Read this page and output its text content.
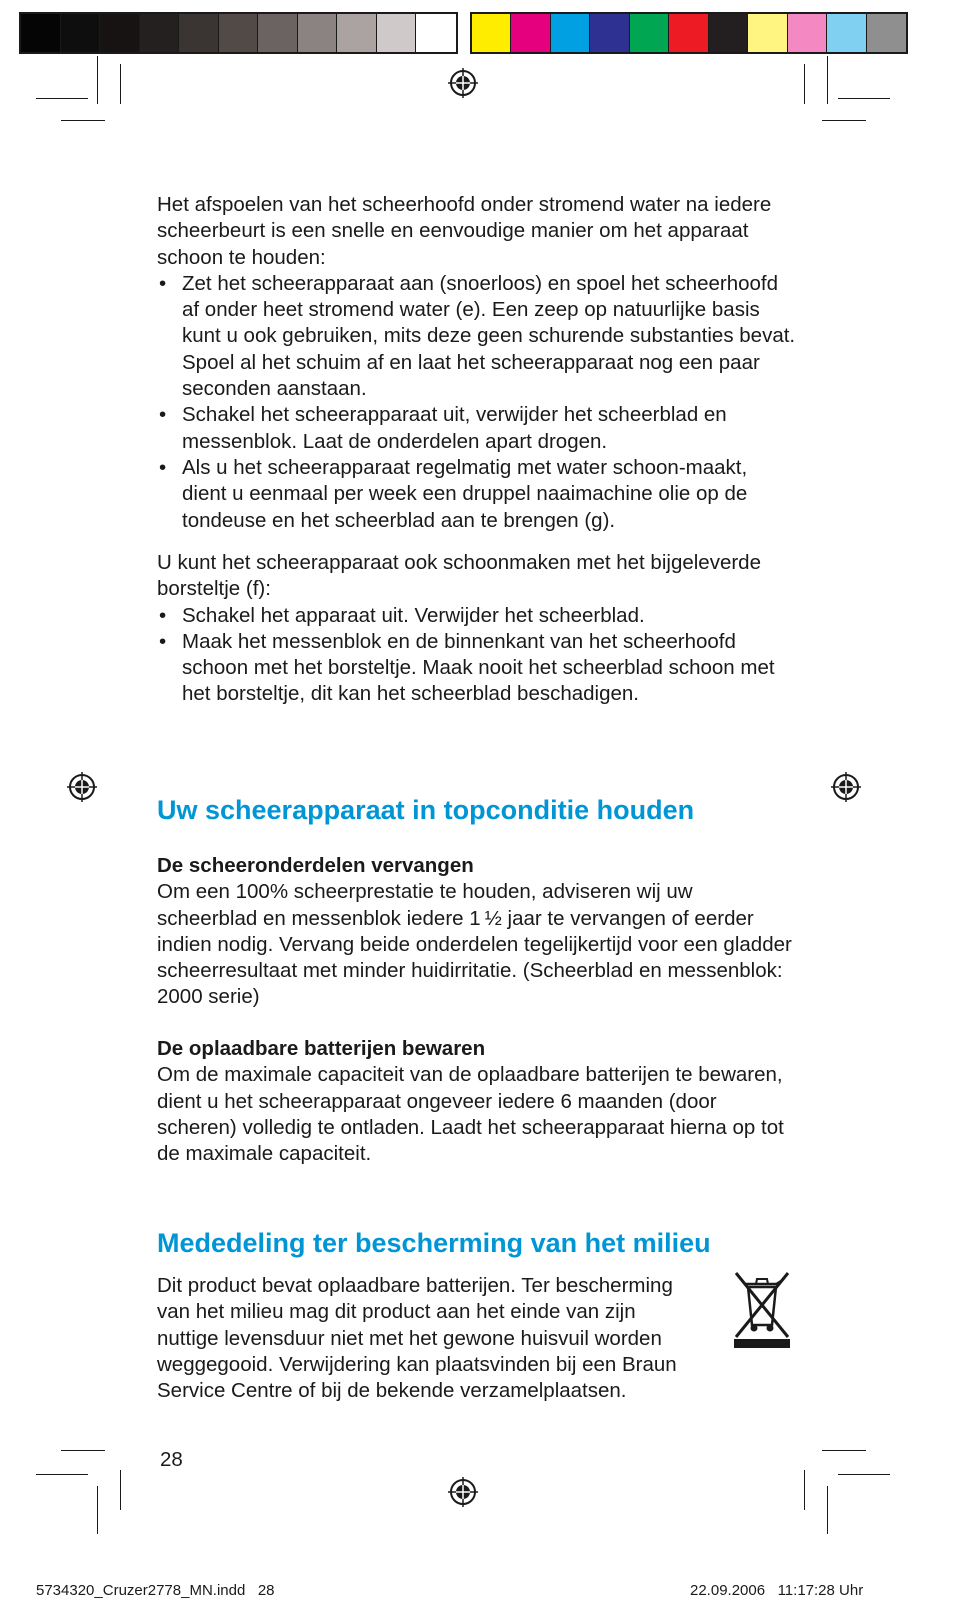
Het afspoelen van het scheerhoofd onder stromend water na iedere scheerbeurt is een snelle en eenvoudige manier om het apparaat schoon te houden:

• Zet het scheerapparaat aan (snoerloos) en spoel het scheerhoofd af onder heet stromend water (e). Een zeep op natuurlijke basis kunt u ook gebruiken, mits deze geen schurende substanties bevat. Spoel al het schuim af en laat het scheerapparaat nog een paar seconden aanstaan.
• Schakel het scheerapparaat uit, verwijder het scheerblad en messenblok. Laat de onderdelen apart drogen.
• Als u het scheerapparaat regelmatig met water schoon-maakt, dient u eenmaal per week een druppel naaimachine olie op de tondeuse en het scheerblad aan te brengen (g).

U kunt het scheerapparaat ook schoonmaken met het bijgeleverde borsteltje (f):

• Schakel het apparaat uit. Verwijder het scheerblad.
• Maak het messenblok en de binnenkant van het scheerhoofd schoon met het borsteltje. Maak nooit het scheerblad schoon met het borsteltje, dit kan het scheerblad beschadigen.
Uw scheerapparaat in topconditie houden

De scheeronderdelen vervangen

Om een 100% scheerprestatie te houden, adviseren wij uw scheerblad en messenblok iedere 1 ½ jaar te vervangen of eerder indien nodig. Vervang beide onderdelen tegelijkertijd voor een gladder scheerresultaat met minder huidirritatie. (Scheerblad en messenblok: 2000 serie)

De oplaadbare batterijen bewaren

Om de maximale capaciteit van de oplaadbare batterijen te bewaren, dient u het scheerapparaat ongeveer iedere 6 maanden (door scheren) volledig te ontladen. Laadt het scheerapparaat hierna op tot de maximale capaciteit.

Mededeling ter bescherming van het milieu

Dit product bevat oplaadbare batterijen. Ter bescherming van het milieu mag dit product aan het einde van zijn nuttige levensduur niet met het gewone huisvuil worden weggegooid. Verwijdering kan plaatsvinden bij een Braun Service Centre of bij de bekende verzamelplaatsen.

28
5734320_Cruzer2778_MN.indd   28	22.09.2006   11:17:28 Uhr
